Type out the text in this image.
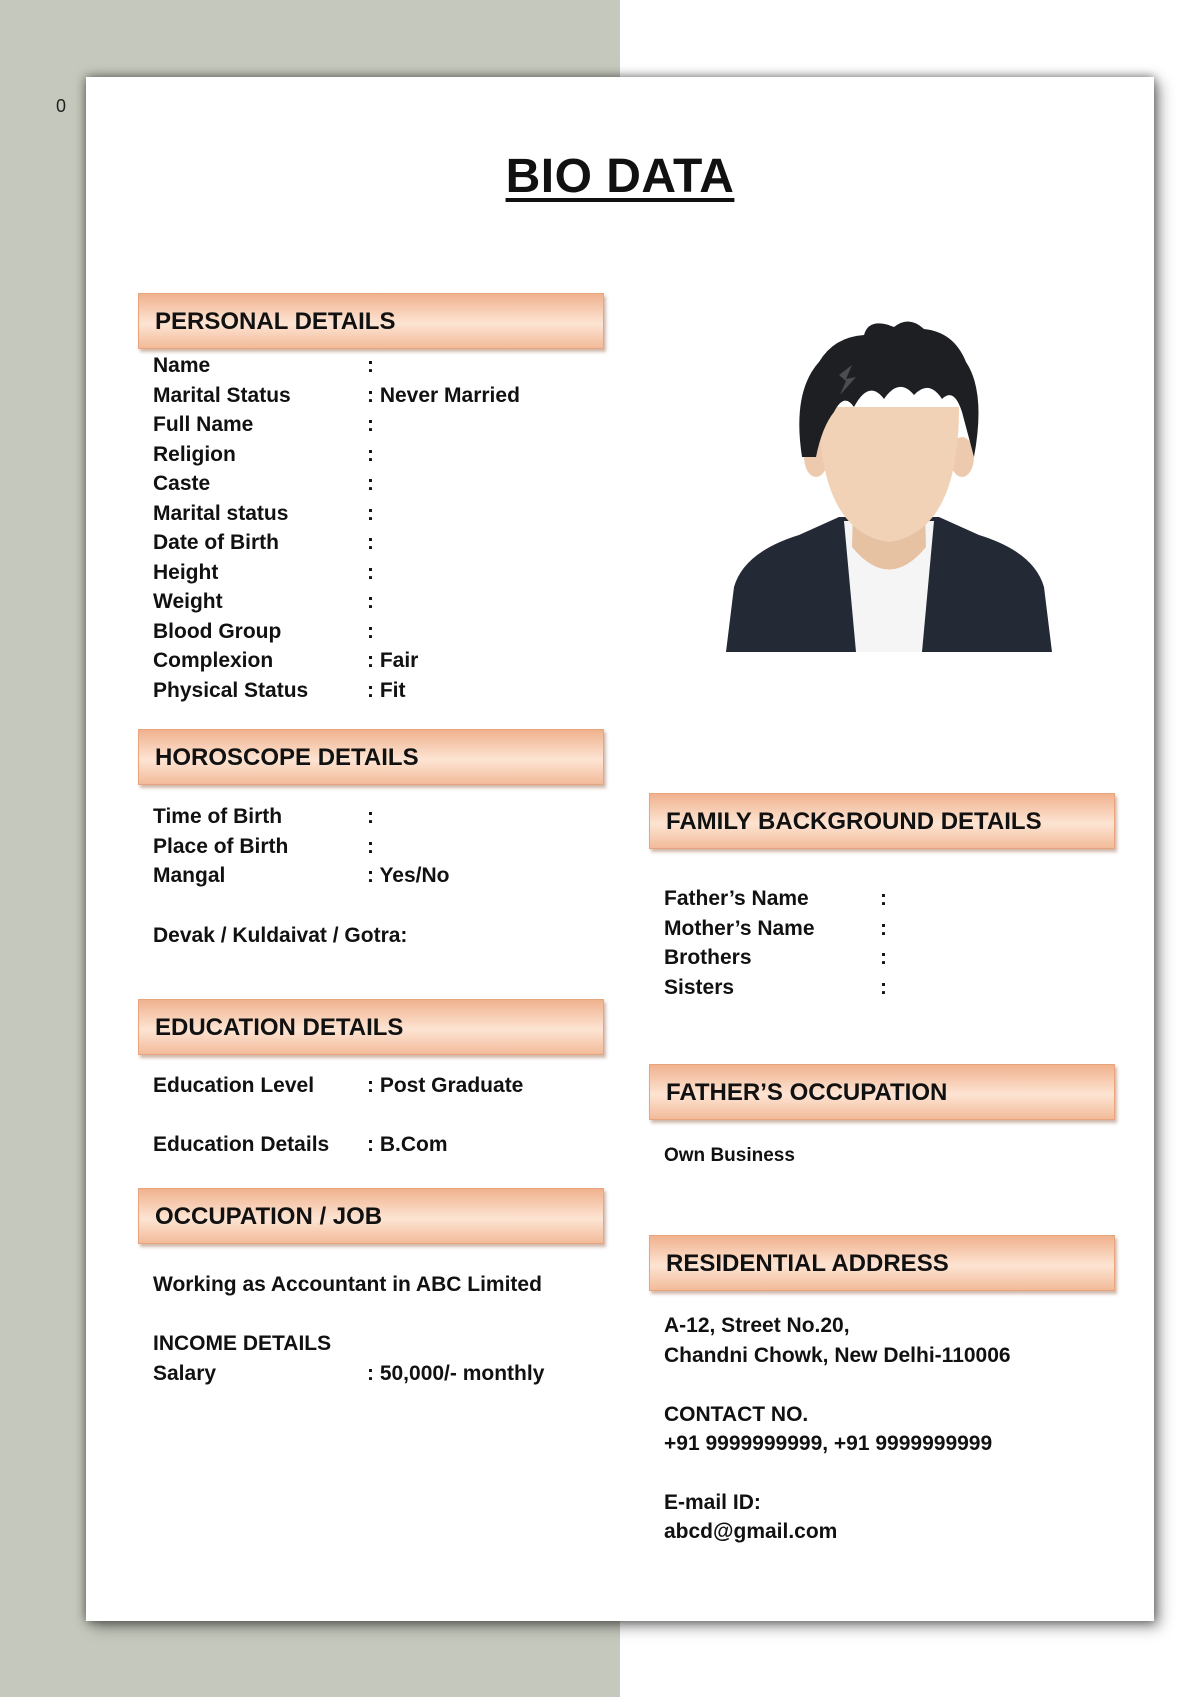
0
BIO DATA
PERSONAL DETAILS
Name	:
Marital Status	: Never Married
Full Name	:
Religion	:
Caste	:
Marital status	:
Date of Birth	:
Height	:
Weight	:
Blood Group	:
Complexion	: Fair
Physical Status	: Fit
HOROSCOPE DETAILS
Time of Birth	:
Place of Birth	:
Mangal	: Yes/No
Devak / Kuldaivat / Gotra:
EDUCATION DETAILS
Education Level	: Post Graduate
Education Details : B.Com
OCCUPATION / JOB
Working as Accountant in ABC Limited
INCOME DETAILS
Salary	: 50,000/- monthly
FAMILY BACKGROUND DETAILS
Father’s Name	:
Mother’s Name	:
Brothers	:
Sisters	:
FATHER’S OCCUPATION
Own Business
RESIDENTIAL ADDRESS
A-12, Street No.20,
Chandni Chowk, New Delhi-110006
CONTACT NO.
+91 9999999999, +91 9999999999
E-mail ID:
abcd@gmail.com
